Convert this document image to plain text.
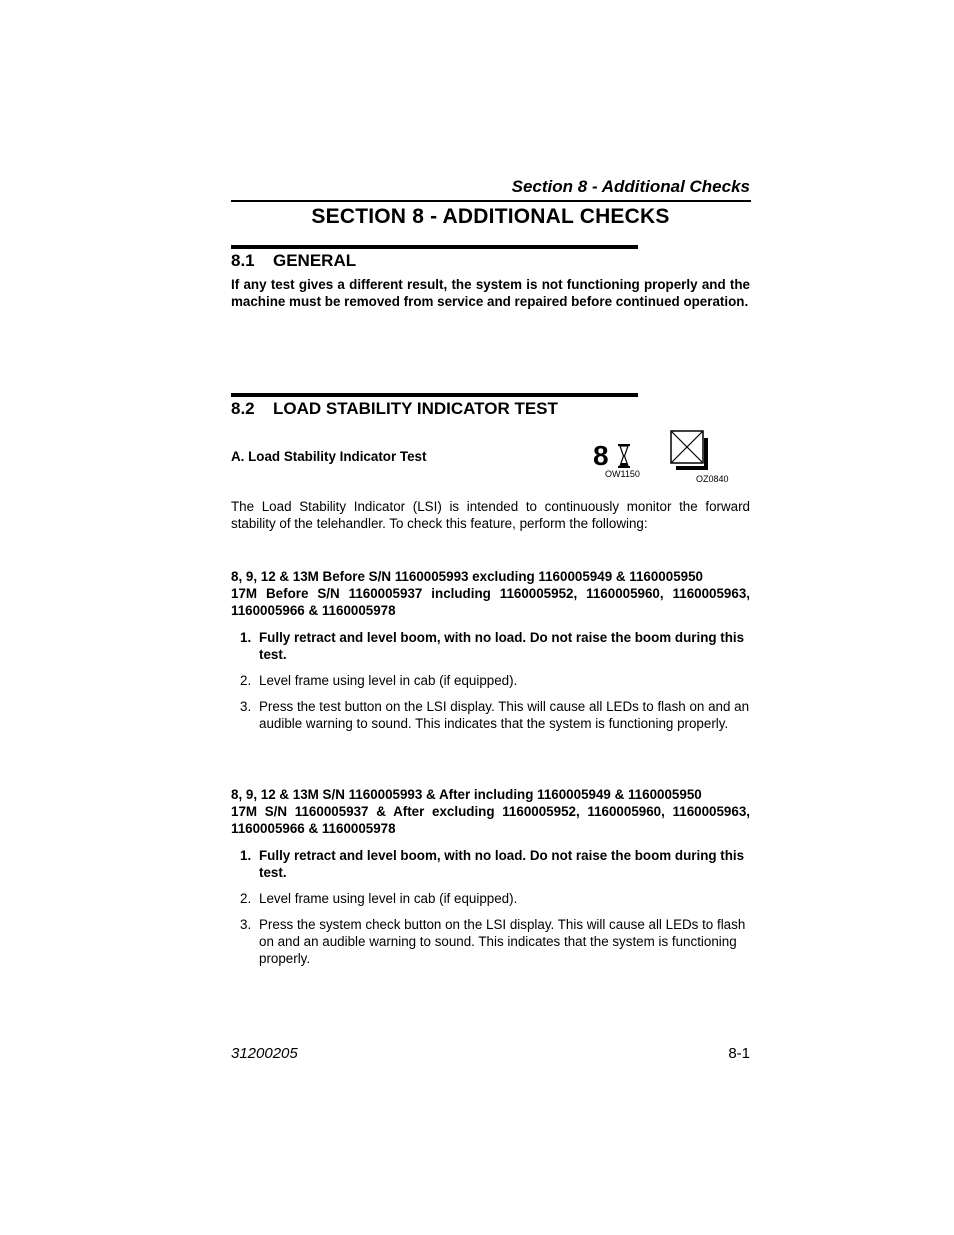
Section 8 - Additional Checks
SECTION 8 - ADDITIONAL CHECKS
8.1 GENERAL
If any test gives a different result, the system is not functioning properly and the machine must be removed from service and repaired before continued operation.
8.2 LOAD STABILITY INDICATOR TEST
A. Load Stability Indicator Test	8
OW1150	OZ0840
The Load Stability Indicator (LSI) is intended to continuously monitor the forward stability of the telehandler. To check this feature, perform the following:
8, 9, 12 & 13M Before S/N 1160005993 excluding 1160005949 & 1160005950
17M Before S/N 1160005937 including 1160005952, 1160005960, 1160005963, 1160005966 & 1160005978
1. Fully retract and level boom, with no load. Do not raise the boom during this test.
2. Level frame using level in cab (if equipped).
3. Press the test button on the LSI display. This will cause all LEDs to flash on and an audible warning to sound. This indicates that the system is functioning properly.
8, 9, 12 & 13M S/N 1160005993 & After including 1160005949 & 1160005950
17M S/N 1160005937 & After excluding 1160005952, 1160005960, 1160005963, 1160005966 & 1160005978
1. Fully retract and level boom, with no load. Do not raise the boom during this test.
2. Level frame using level in cab (if equipped).
3. Press the system check button on the LSI display. This will cause all LEDs to flash on and an audible warning to sound. This indicates that the system is functioning properly.
31200205	8-1
